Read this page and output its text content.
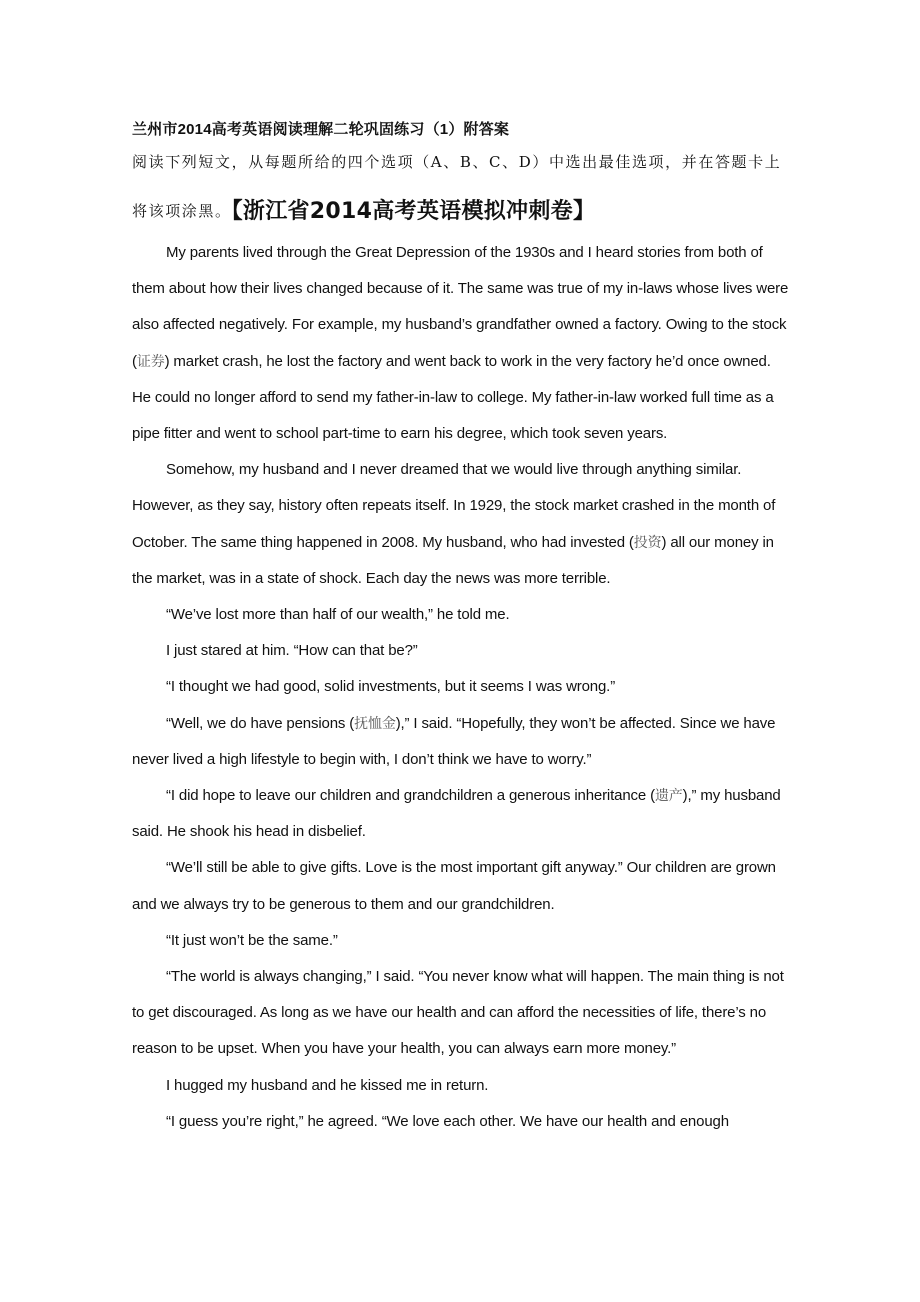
兰州市2014高考英语阅读理解二轮巩固练习（1）附答案
阅读下列短文，从每题所给的四个选项（A、B、C、D）中选出最佳选项，并在答题卡上
将该项涂黑。【浙江省2014高考英语模拟冲刺卷】

My parents lived through the Great Depression of the 1930s and I heard stories from both of them about how their lives changed because of it. The same was true of my in-laws whose lives were also affected negatively. For example, my husband’s grandfather owned a factory. Owing to the stock (证券) market crash, he lost the factory and went back to work in the very factory he’d once owned. He could no longer afford to send my father-in-law to college. My father-in-law worked full time as a pipe fitter and went to school part-time to earn his degree, which took seven years.

Somehow, my husband and I never dreamed that we would live through anything similar. However, as they say, history often repeats itself. In 1929, the stock market crashed in the month of October. The same thing happened in 2008. My husband, who had invested (投资) all our money in the market, was in a state of shock. Each day the news was more terrible.

“We’ve lost more than half of our wealth,” he told me.

I just stared at him. “How can that be?”

“I thought we had good, solid investments, but it seems I was wrong.”

“Well, we do have pensions (抚恤金),” I said. “Hopefully, they won’t be affected. Since we have never lived a high lifestyle to begin with, I don’t think we have to worry.”

“I did hope to leave our children and grandchildren a generous inheritance (遗产),” my husband said. He shook his head in disbelief.

“We’ll still be able to give gifts. Love is the most important gift anyway.” Our children are grown and we always try to be generous to them and our grandchildren.

“It just won’t be the same.”

“The world is always changing,” I said. “You never know what will happen. The main thing is not to get discouraged. As long as we have our health and can afford the necessities of life, there’s no reason to be upset. When you have your health, you can always earn more money.”

I hugged my husband and he kissed me in return.

“I guess you’re right,” he agreed. “We love each other. We have our health and enough
